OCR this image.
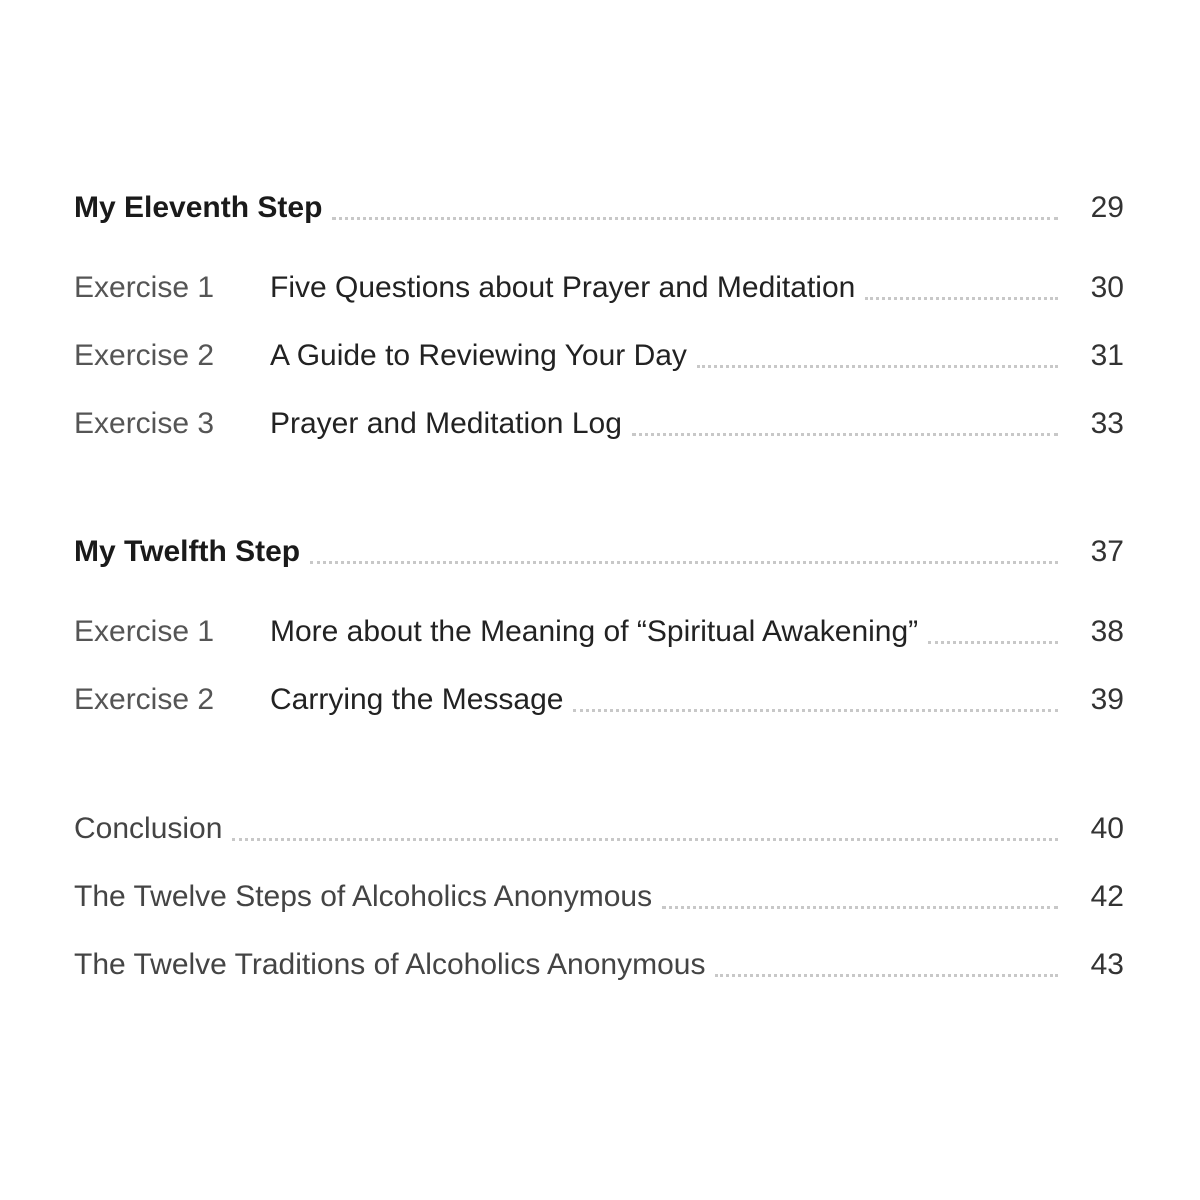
My Eleventh Step	29
Exercise 1	Five Questions about Prayer and Meditation	30
Exercise 2	A Guide to Reviewing Your Day	31
Exercise 3	Prayer and Meditation Log	33
My Twelfth Step	37
Exercise 1	More about the Meaning of “Spiritual Awakening”	38
Exercise 2	Carrying the Message	39
Conclusion	40
The Twelve Steps of Alcoholics Anonymous	42
The Twelve Traditions of Alcoholics Anonymous	43
